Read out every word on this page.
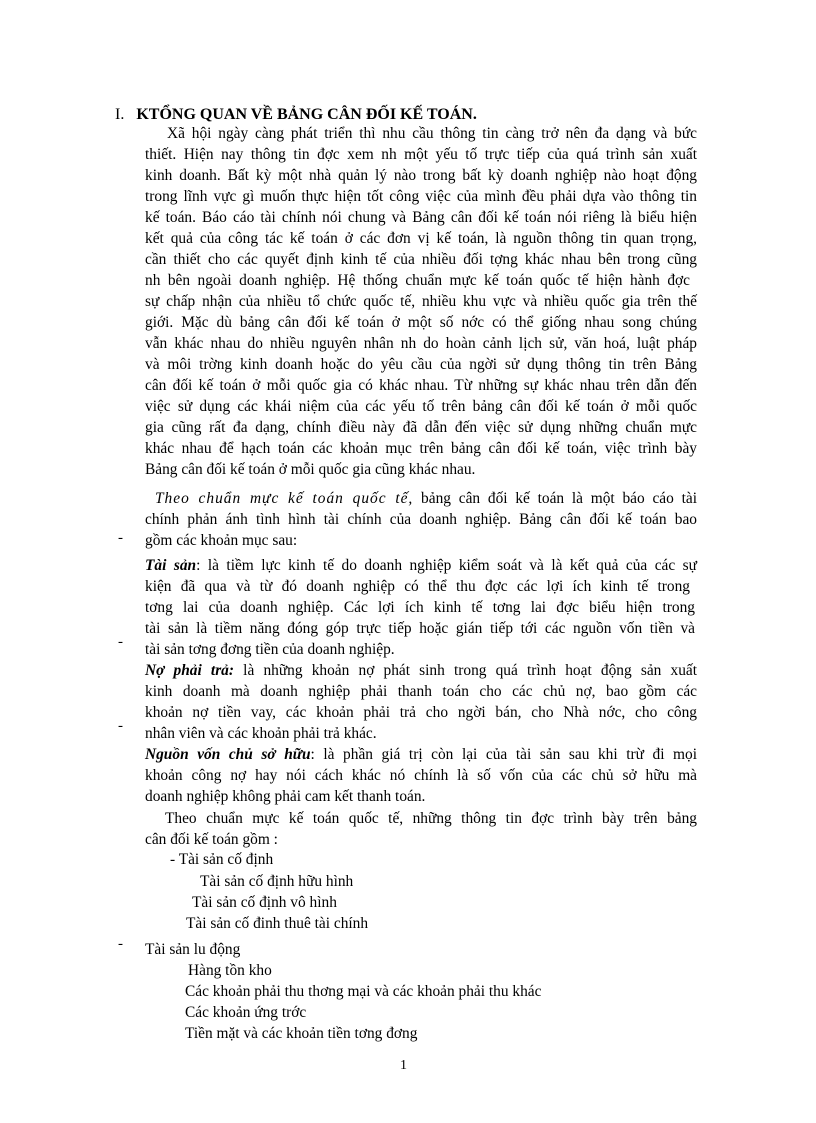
I. KTỔNG QUAN VỀ BẢNG CÂN ĐỐI KẾ TOÁN.
Xã hội ngày càng phát triển thì nhu cầu thông tin càng trở nên đa dạng và bức
thiết. Hiện nay thông tin đợc xem nh một yếu tố trực tiếp của quá trình sản xuất
kinh doanh. Bất kỳ một nhà quản lý nào trong bất kỳ doanh nghiệp nào hoạt động
trong lĩnh vực gì muốn thực hiện tốt công việc của mình đều phải dựa vào thông tin
kế toán. Báo cáo tài chính nói chung và Bảng cân đối kế toán nói riêng là biểu hiện
kết quả của công tác kế toán ở các đơn vị kế toán, là nguồn thông tin quan trọng,
cần thiết cho các quyết định kinh tế của nhiều đối tợng khác nhau bên trong cũng
nh bên ngoài doanh nghiệp. Hệ thống chuẩn mực kế toán quốc tế hiện hành đợc
sự chấp nhận của nhiều tổ chức quốc tế, nhiều khu vực và nhiều quốc gia trên thế
giới. Mặc dù bảng cân đối kế toán ở một số nớc có thể giống nhau song chúng
vẫn khác nhau do nhiều nguyên nhân nh do hoàn cảnh lịch sử, văn hoá, luật pháp
và môi trờng kinh doanh hoặc do yêu cầu của ngời sử dụng thông tin trên Bảng
cân đối kế toán ở mỗi quốc gia có khác nhau. Từ những sự khác nhau trên dẫn đến
việc sử dụng các khái niệm của các yếu tố trên bảng cân đối kế toán ở mỗi quốc
gia cũng rất đa dạng, chính điều này đã dẫn đến việc sử dụng những chuẩn mực
khác nhau để hạch toán các khoản mục trên bảng cân đối kế toán, việc trình bày
Bảng cân đối kế toán ở mỗi quốc gia cũng khác nhau.
Theo chuẩn mực kế toán quốc tế, bảng cân đối kế toán là một báo cáo tài
chính phản ánh tình hình tài chính của doanh nghiệp. Bảng cân đối kế toán bao
gồm các khoản mục sau:
-
Tài sản: là tiềm lực kinh tế do doanh nghiệp kiểm soát và là kết quả của các sự
kiện đã qua và từ đó doanh nghiệp có thể thu đợc các lợi ích kinh tế trong
tơng lai của doanh nghiệp. Các lợi ích kinh tế tơng lai đợc biểu hiện trong
tài sản là tiềm năng đóng góp trực tiếp hoặc gián tiếp tới các nguồn vốn tiền và
tài sản tơng đơng tiền của doanh nghiệp.
-
Nợ phải trả: là những khoản nợ phát sinh trong quá trình hoạt động sản xuất
kinh doanh mà doanh nghiệp phải thanh toán cho các chủ nợ, bao gồm các
khoản nợ tiền vay, các khoản phải trả cho ngời bán, cho Nhà nớc, cho công
nhân viên và các khoản phải trả khác.
-
Nguồn vốn chủ sở hữu: là phần giá trị còn lại của tài sản sau khi trừ đi mọi
khoản công nợ hay nói cách khác nó chính là số vốn của các chủ sở hữu mà
doanh nghiệp không phải cam kết thanh toán.
Theo chuẩn mực kế toán quốc tế, những thông tin đợc trình bày trên bảng
cân đối kế toán gồm :
- Tài sản cố định
Tài sản cố định hữu hình
Tài sản cố định vô hình
Tài sản cố đinh thuê tài chính
- Tài sản lu động
Hàng tồn kho
Các khoản phải thu thơng mại và các khoản phải thu khác
Các khoản ứng trớc
Tiền mặt và các khoản tiền tơng đơng
1
